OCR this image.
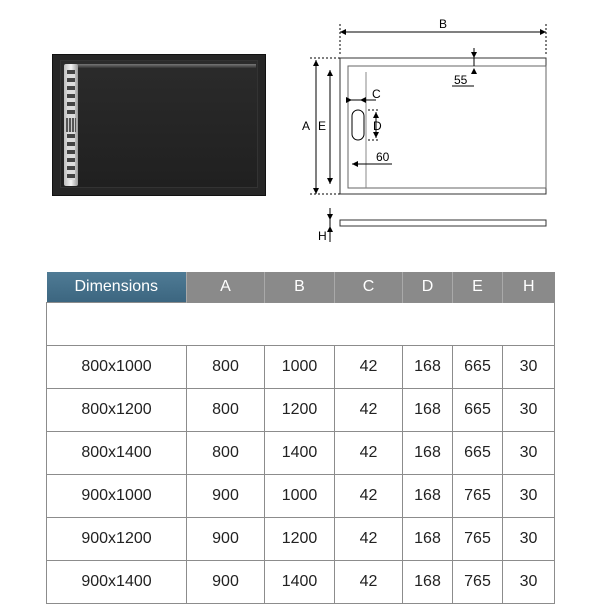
B
55
C
D
60
A E
H
Dimensions	A	B	C	D	E	H

800x1000	800	1000	42	168	665	30
800x1200	800	1200	42	168	665	30
800x1400	800	1400	42	168	665	30
900x1000	900	1000	42	168	765	30
900x1200	900	1200	42	168	765	30
900x1400	900	1400	42	168	765	30
